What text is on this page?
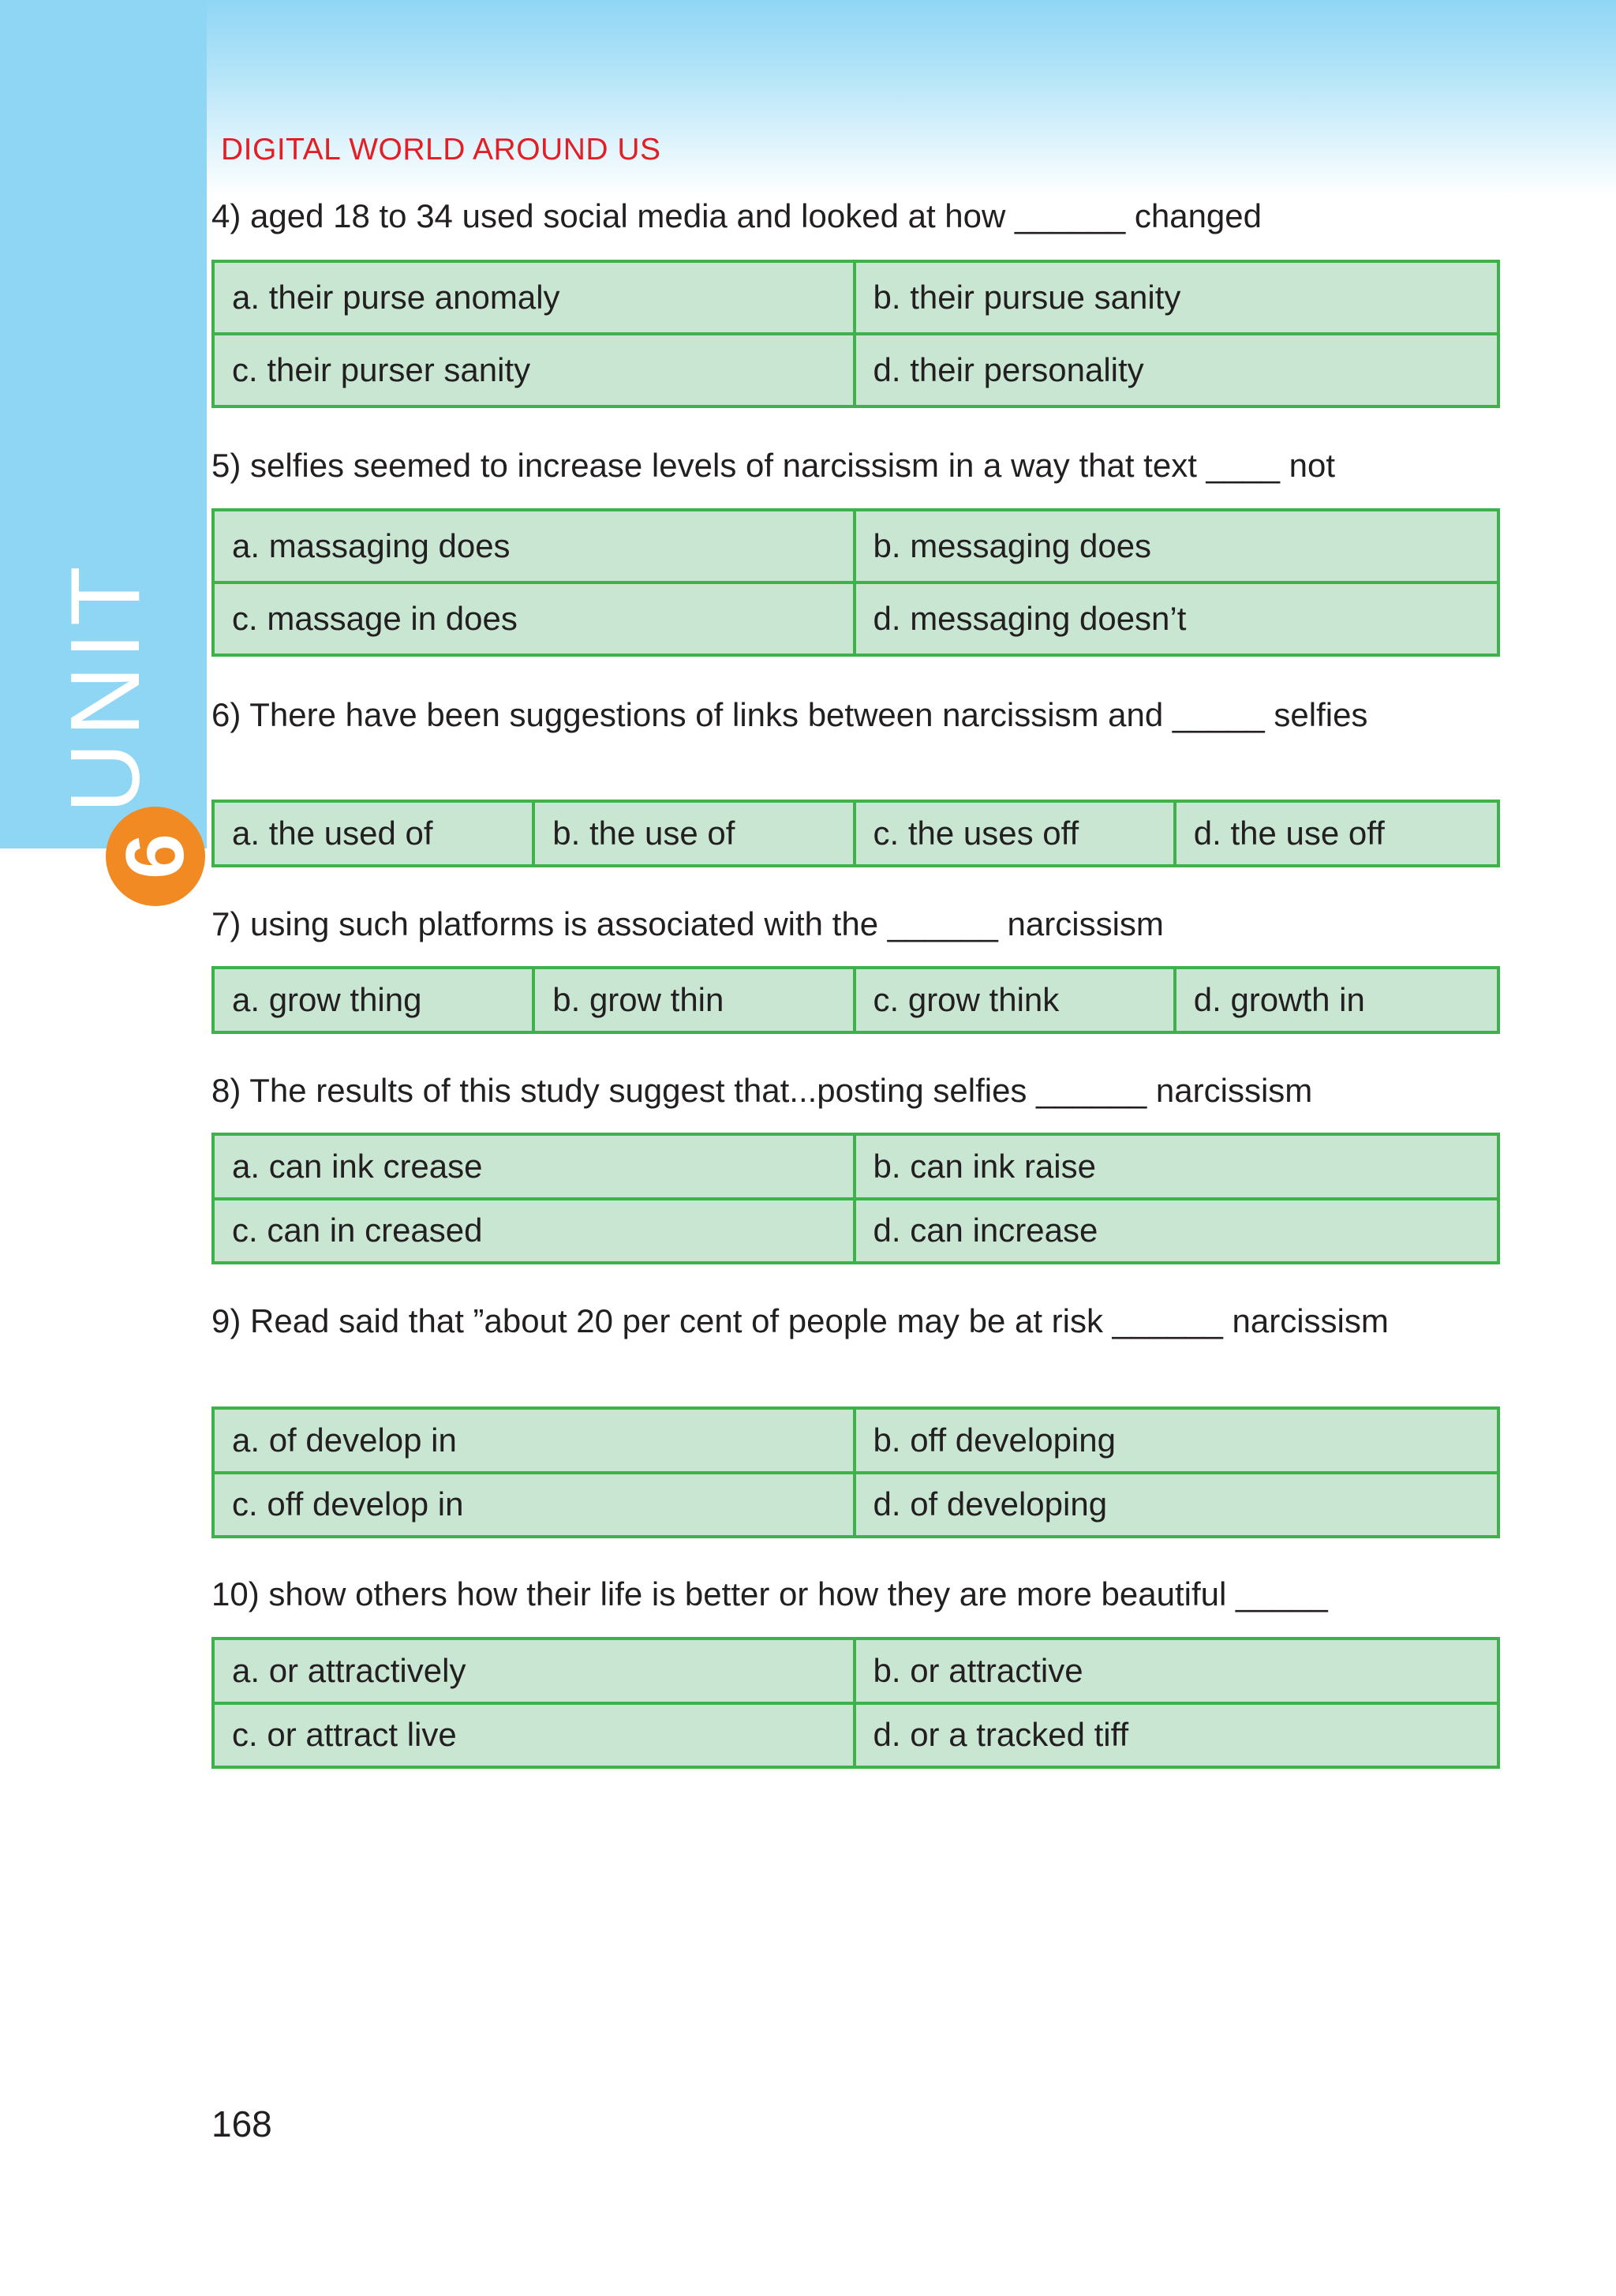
UNIT
6
DIGITAL WORLD AROUND US
4) aged 18 to 34 used social media and looked at how ______ changed
a. their purse anomaly	b. their pursue sanity
c. their purser sanity	d. their personality
5) selfies seemed to increase levels of narcissism in a way that text ____ not
a. massaging does	b. messaging does
c. massage in does	d. messaging doesn’t
6) There have been suggestions of links between narcissism and _____ selfies
a. the used of	b. the use of	c. the uses off	d. the use off
7) using such platforms is associated with the ______ narcissism
a. grow thing	b. grow thin	c. grow think	d. growth in
8) The results of this study suggest that...posting selfies ______ narcissism
a. can ink crease	b. can ink raise
c. can in creased	d. can increase
9) Read said that ”about 20 per cent of people may be at risk ______ narcissism
a. of develop in	b. off developing
c. off develop in	d. of developing
10) show others how their life is better or how they are more beautiful _____
a. or attractively	b. or attractive
c. or attract live	d. or a tracked tiff
168
